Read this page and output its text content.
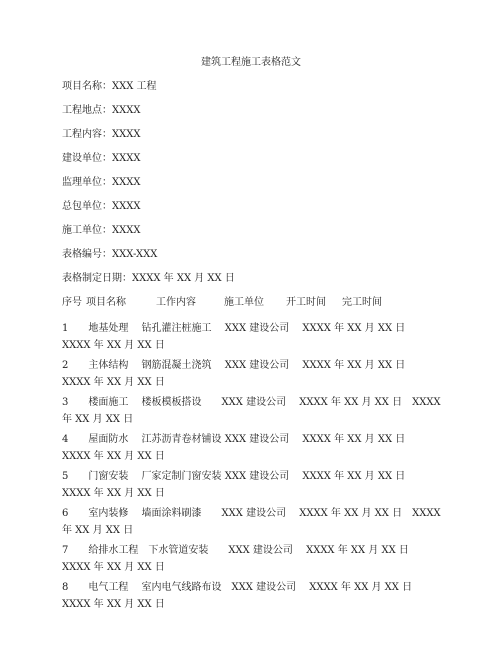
建筑工程施工表格范文
项目名称：XXX 工程
工程地点：XXXX
工程内容：XXXX
建设单位：XXXX
监理单位：XXXX
总包单位：XXXX
施工单位：XXXX
表格编号：XXX-XXX
表格制定日期：XXXX 年 XX 月 XX 日
序号 项目名称	工作内容	施工单位 开工时间 完工时间
1　　地基处理　 钻孔灌注桩施工　 XXX 建设公司　 XXXX 年 XX 月 XX 日　XXXX 年 XX 月 XX 日
2　　主体结构　 钢筋混凝土浇筑　 XXX 建设公司　 XXXX 年 XX 月 XX 日　XXXX 年 XX 月 XX 日
3　　楼面施工　 楼板模板搭设　　XXX 建设公司　 XXXX 年 XX 月 XX 日　XXXX 年 XX 月 XX 日
4　　屋面防水　 江苏沥青卷材铺设 XXX 建设公司　 XXXX 年 XX 月 XX 日　XXXX 年 XX 月 XX 日
5　　门窗安装　 厂家定制门窗安装 XXX 建设公司　 XXXX 年 XX 月 XX 日　XXXX 年 XX 月 XX 日
6　　室内装修　 墙面涂料刷漆　　XXX 建设公司　 XXXX 年 XX 月 XX 日　XXXX 年 XX 月 XX 日
7　　给排水工程　下水管道安装　　XXX 建设公司　 XXXX 年 XX 月 XX 日　XXXX 年 XX 月 XX 日
8　　电气工程　 室内电气线路布设　XXX 建设公司　 XXXX 年 XX 月 XX 日　XXXX 年 XX 月 XX 日
